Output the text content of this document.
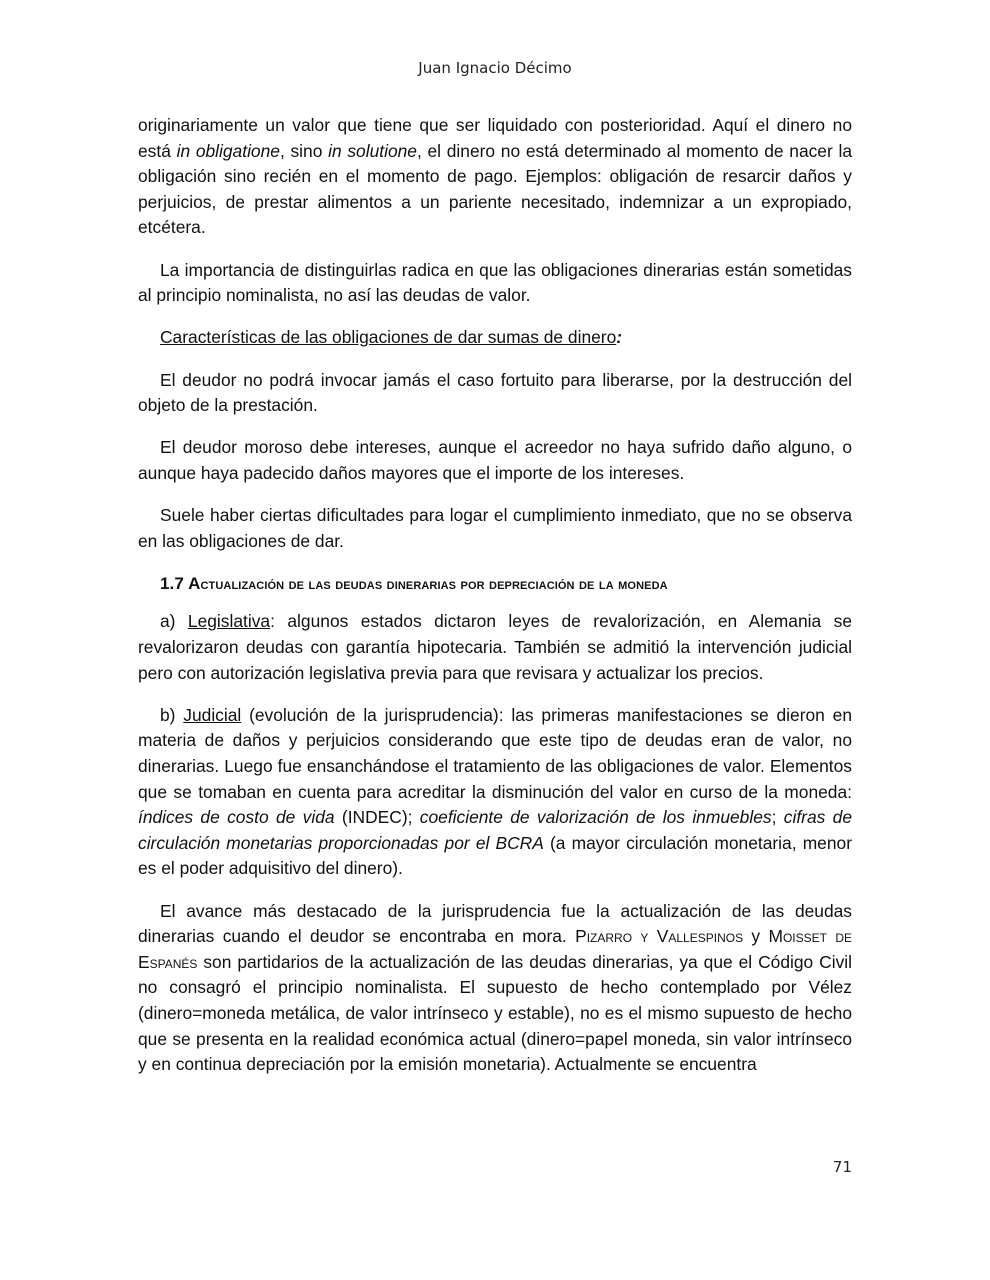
Juan Ignacio Décimo

originariamente un valor que tiene que ser liquidado con posterioridad. Aquí el dinero no está in obligatione, sino in solutione, el dinero no está determinado al momento de nacer la obligación sino recién en el momento de pago. Ejemplos: obligación de resarcir daños y perjuicios, de prestar alimentos a un pariente necesitado, indemnizar a un expropiado, etcétera.

La importancia de distinguirlas radica en que las obligaciones dinerarias están sometidas al principio nominalista, no así las deudas de valor.

Características de las obligaciones de dar sumas de dinero:

El deudor no podrá invocar jamás el caso fortuito para liberarse, por la destrucción del objeto de la prestación.

El deudor moroso debe intereses, aunque el acreedor no haya sufrido daño alguno, o aunque haya padecido daños mayores que el importe de los intereses.

Suele haber ciertas dificultades para logar el cumplimiento inmediato, que no se observa en las obligaciones de dar.

1.7 Actualización de las deudas dinerarias por depreciación de la moneda

a) Legislativa: algunos estados dictaron leyes de revalorización, en Alemania se revalorizaron deudas con garantía hipotecaria. También se admitió la intervención judicial pero con autorización legislativa previa para que revisara y actualizar los precios.

b) Judicial (evolución de la jurisprudencia): las primeras manifestaciones se dieron en materia de daños y perjuicios considerando que este tipo de deudas eran de valor, no dinerarias. Luego fue ensanchándose el tratamiento de las obligaciones de valor. Elementos que se tomaban en cuenta para acreditar la disminución del valor en curso de la moneda: índices de costo de vida (INDEC); coeficiente de valorización de los inmuebles; cifras de circulación monetarias proporcionadas por el BCRA (a mayor circulación monetaria, menor es el poder adquisitivo del dinero).

El avance más destacado de la jurisprudencia fue la actualización de las deudas dinerarias cuando el deudor se encontraba en mora. Pizarro y Vallespinos y Moisset de Espanés son partidarios de la actualización de las deudas dinerarias, ya que el Código Civil no consagró el principio nominalista. El supuesto de hecho contemplado por Vélez (dinero=moneda metálica, de valor intrínseco y estable), no es el mismo supuesto de hecho que se presenta en la realidad económica actual (dinero=papel moneda, sin valor intrínseco y en continua depreciación por la emisión monetaria). Actualmente se encuentra

71
